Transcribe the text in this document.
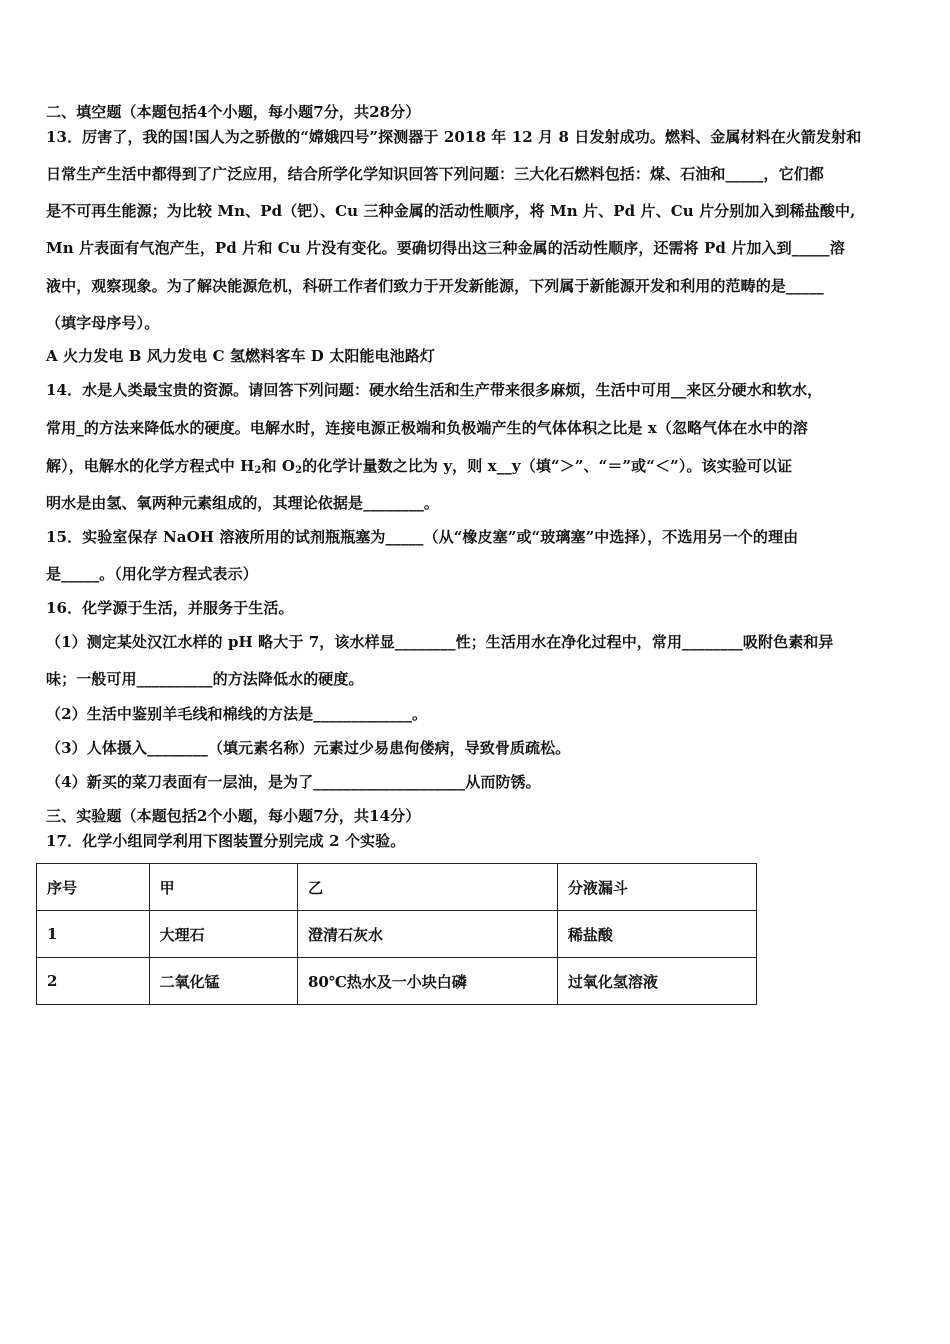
二、填空题（本题包括4个小题，每小题7分，共28分）
13．厉害了，我的国!国人为之骄傲的“嫦娥四号”探测器于 2018 年 12 月 8 日发射成功。燃料、金属材料在火箭发射和
日常生产生活中都得到了广泛应用，结合所学化学知识回答下列问题：三大化石燃料包括：煤、石油和_____，它们都
是不可再生能源；为比较 Mn、Pd（钯）、Cu 三种金属的活动性顺序，将 Mn 片、Pd 片、Cu 片分别加入到稀盐酸中,
Mn 片表面有气泡产生，Pd 片和 Cu 片没有变化。要确切得出这三种金属的活动性顺序，还需将 Pd 片加入到_____溶
液中，观察现象。为了解决能源危机，科研工作者们致力于开发新能源，下列属于新能源开发和利用的范畴的是_____
（填字母序号）。
A 火力发电 B 风力发电 C 氢燃料客车 D 太阳能电池路灯
14．水是人类最宝贵的资源。请回答下列问题：硬水给生活和生产带来很多麻烦，生活中可用__来区分硬水和软水，
常用_的方法来降低水的硬度。电解水时，连接电源正极端和负极端产生的气体体积之比是 x（忽略气体在水中的溶
解），电解水的化学方程式中 $H_2$和 $O_2$的化学计量数之比为 y，则 x__y（填“＞”、“＝”或“＜”）。该实验可以证
明水是由氢、氧两种元素组成的，其理论依据是________。
15．实验室保存 NaOH 溶液所用的试剂瓶瓶塞为_____（从“橡皮塞”或“玻璃塞”中选择），不选用另一个的理由
是_____。（用化学方程式表示）
16．化学源于生活，并服务于生活。
（1）测定某处汉江水样的 pH 略大于 7，该水样显________性；生活用水在净化过程中，常用________吸附色素和异
味；一般可用__________的方法降低水的硬度。
（2）生活中鉴别羊毛线和棉线的方法是_____________。
（3）人体摄入________（填元素名称）元素过少易患佝偻病，导致骨质疏松。
（4）新买的菜刀表面有一层油，是为了____________________从而防锈。
三、实验题（本题包括2个小题，每小题7分，共14分）
17．化学小组同学利用下图装置分别完成 2 个实验。
序号	甲	乙	分液漏斗
1	大理石	澄清石灰水	稀盐酸
2	二氧化锰	80℃热水及一小块白磷	过氧化氢溶液
